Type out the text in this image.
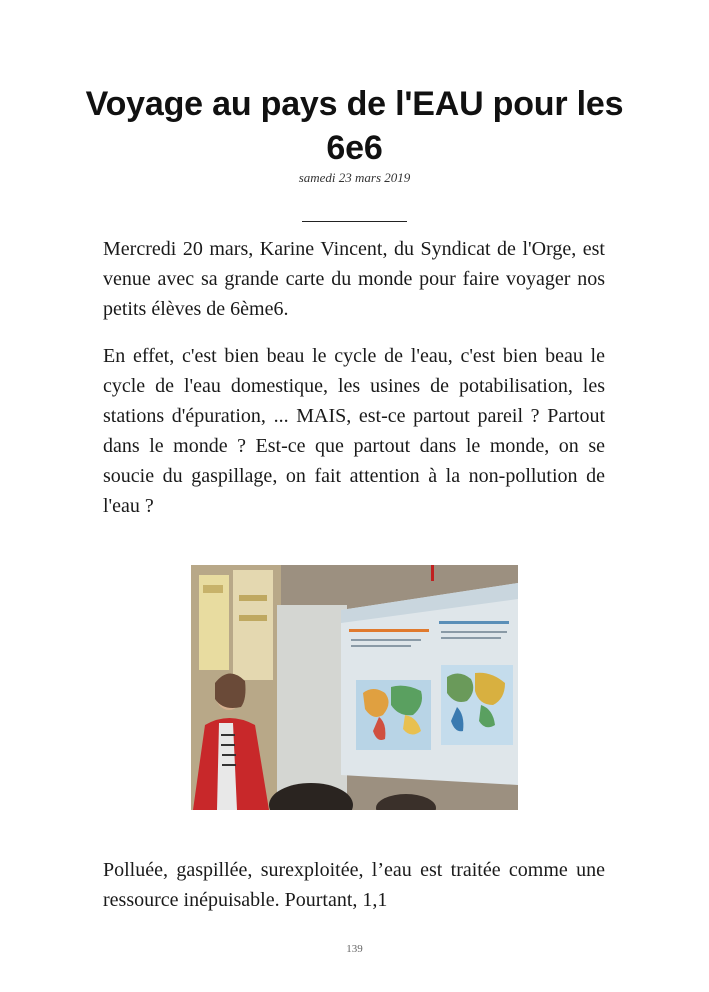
Voyage au pays de l'EAU pour les 6e6
samedi 23 mars 2019

Mercredi 20 mars, Karine Vincent, du Syndicat de l'Orge, est venue avec sa grande carte du monde pour faire voyager nos petits élèves de 6ème6.

En effet, c'est bien beau le cycle de l'eau, c'est bien beau le cycle de l'eau domestique, les usines de potabilisation, les stations d'épuration, ... MAIS, est-ce partout pareil ? Partout dans le monde ? Est-ce que partout dans le monde, on se soucie du gaspillage, on fait attention à la non-pollution de l'eau ?

Polluée, gaspillée, surexploitée, l’eau est traitée comme une ressource inépuisable. Pourtant, 1,1

139
